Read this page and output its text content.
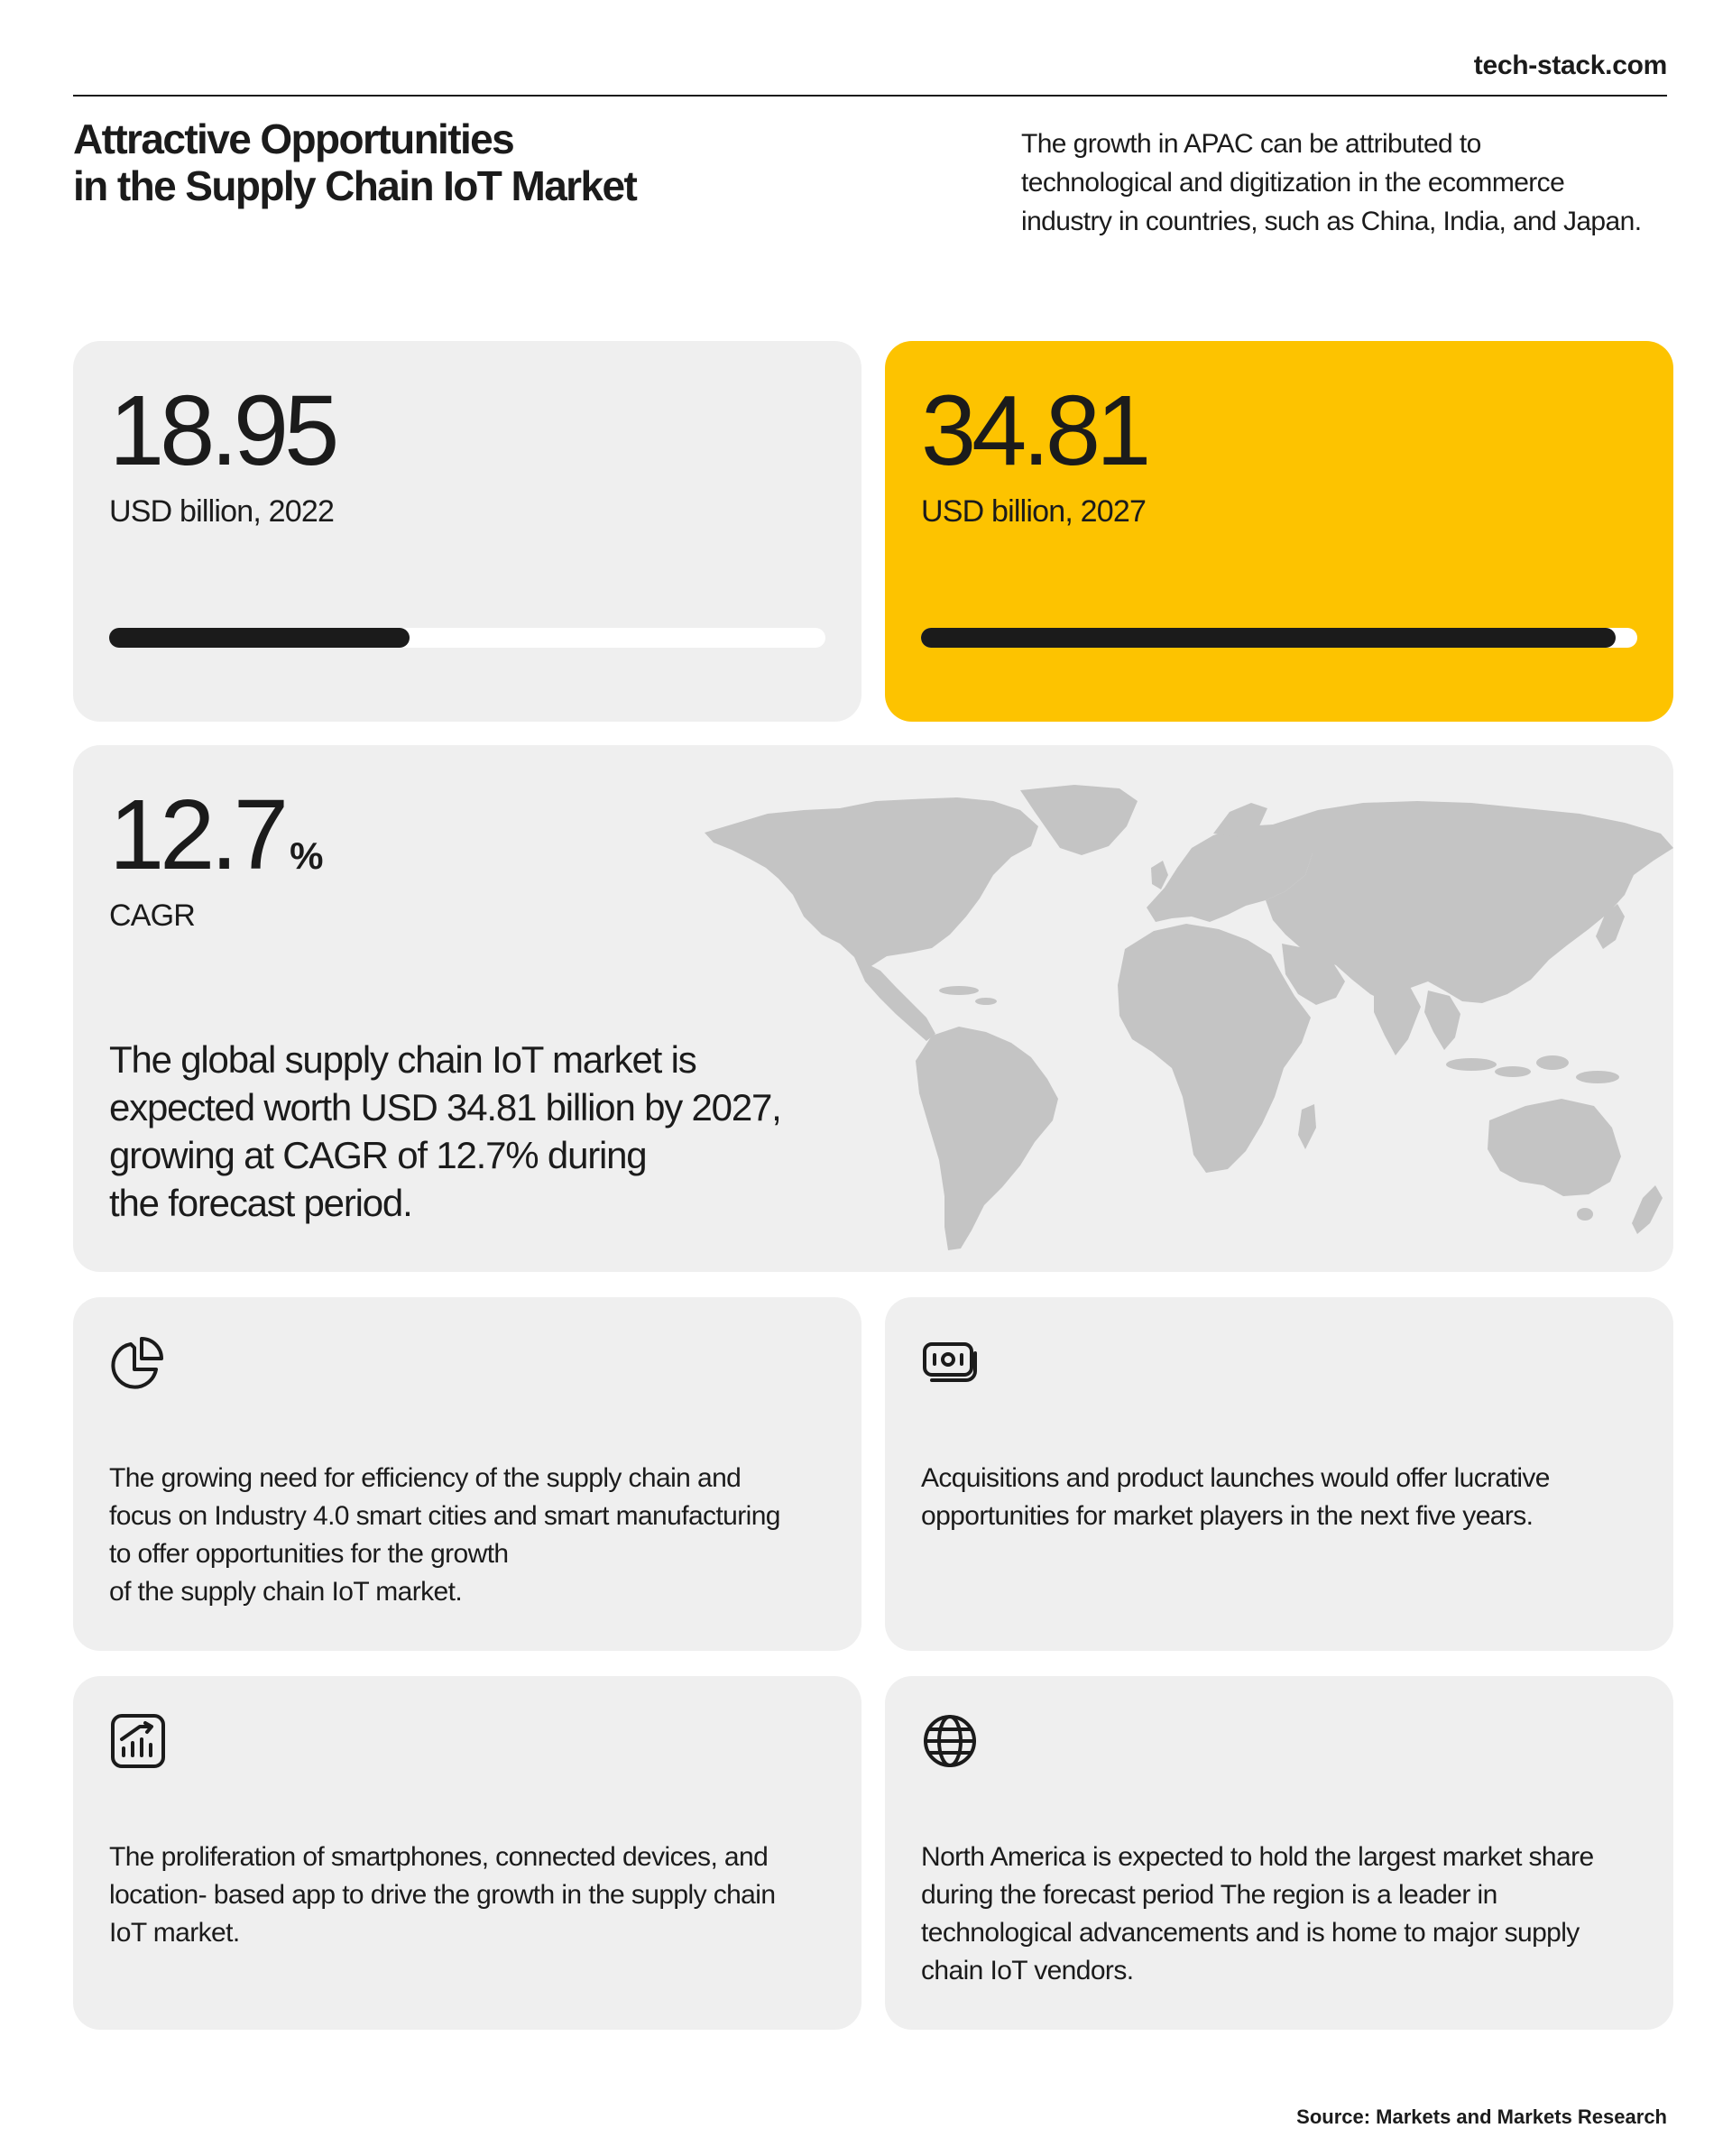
tech-stack.com
Attractive Opportunities
in the Supply Chain IoT Market
The growth in APAC can be attributed to
technological and digitization in the ecommerce
industry in countries, such as China, India, and Japan.
18.95
USD billion, 2022
34.81
USD billion, 2027
12.7 %
CAGR
The global supply chain IoT market is
expected worth USD 34.81 billion by 2027,
growing at CAGR of 12.7% during
the forecast period.
The growing need for efficiency of the supply chain and
focus on Industry 4.0 smart cities and smart manufacturing
to offer opportunities for the growth
of the supply chain IoT market.
Acquisitions and product launches would offer lucrative
opportunities for market players in the next five years.
The proliferation of smartphones, connected devices, and
location- based app to drive the growth in the supply chain
IoT market.
North America is expected to hold the largest market share
during the forecast period The region is a leader in
technological advancements and is home to major supply
chain IoT vendors.
Source: Markets and Markets Research
